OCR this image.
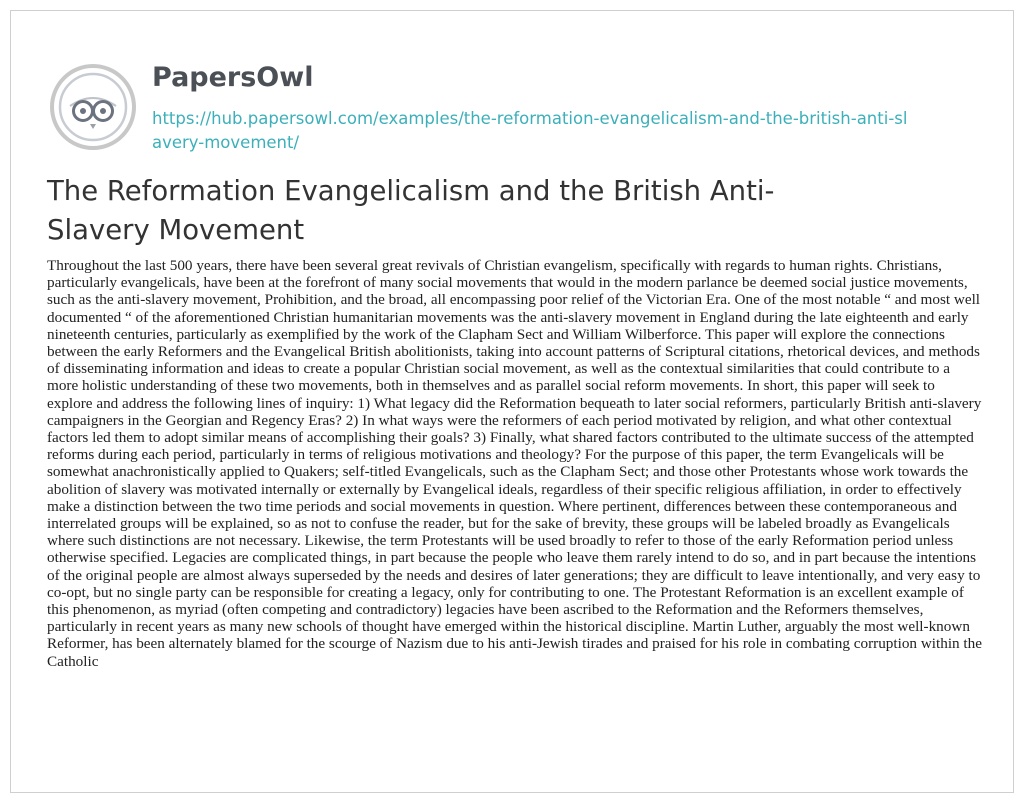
PapersOwl
https://hub.papersowl.com/examples/the-reformation-evangelicalism-and-the-british-anti-slavery-movement/
The Reformation Evangelicalism and the British Anti-Slavery Movement

Throughout the last 500 years, there have been several great revivals of Christian evangelism, specifically with regards to human rights. Christians, particularly evangelicals, have been at the forefront of many social movements that would in the modern parlance be deemed social justice movements, such as the anti-slavery movement, Prohibition, and the broad, all encompassing poor relief of the Victorian Era. One of the most notable “ and most well documented “ of the aforementioned Christian humanitarian movements was the anti-slavery movement in England during the late eighteenth and early nineteenth centuries, particularly as exemplified by the work of the Clapham Sect and William Wilberforce. This paper will explore the connections between the early Reformers and the Evangelical British abolitionists, taking into account patterns of Scriptural citations, rhetorical devices, and methods of disseminating information and ideas to create a popular Christian social movement, as well as the contextual similarities that could contribute to a more holistic understanding of these two movements, both in themselves and as parallel social reform movements. In short, this paper will seek to explore and address the following lines of inquiry: 1) What legacy did the Reformation bequeath to later social reformers, particularly British anti-slavery campaigners in the Georgian and Regency Eras? 2) In what ways were the reformers of each period motivated by religion, and what other contextual factors led them to adopt similar means of accomplishing their goals? 3) Finally, what shared factors contributed to the ultimate success of the attempted reforms during each period, particularly in terms of religious motivations and theology? For the purpose of this paper, the term Evangelicals will be somewhat anachronistically applied to Quakers; self-titled Evangelicals, such as the Clapham Sect; and those other Protestants whose work towards the abolition of slavery was motivated internally or externally by Evangelical ideals, regardless of their specific religious affiliation, in order to effectively make a distinction between the two time periods and social movements in question. Where pertinent, differences between these contemporaneous and interrelated groups will be explained, so as not to confuse the reader, but for the sake of brevity, these groups will be labeled broadly as Evangelicals where such distinctions are not necessary. Likewise, the term Protestants will be used broadly to refer to those of the early Reformation period unless otherwise specified. Legacies are complicated things, in part because the people who leave them rarely intend to do so, and in part because the intentions of the original people are almost always superseded by the needs and desires of later generations; they are difficult to leave intentionally, and very easy to co-opt, but no single party can be responsible for creating a legacy, only for contributing to one. The Protestant Reformation is an excellent example of this phenomenon, as myriad (often competing and contradictory) legacies have been ascribed to the Reformation and the Reformers themselves, particularly in recent years as many new schools of thought have emerged within the historical discipline. Martin Luther, arguably the most well-known Reformer, has been alternately blamed for the scourge of Nazism due to his anti-Jewish tirades and praised for his role in combating corruption within the Catholic
